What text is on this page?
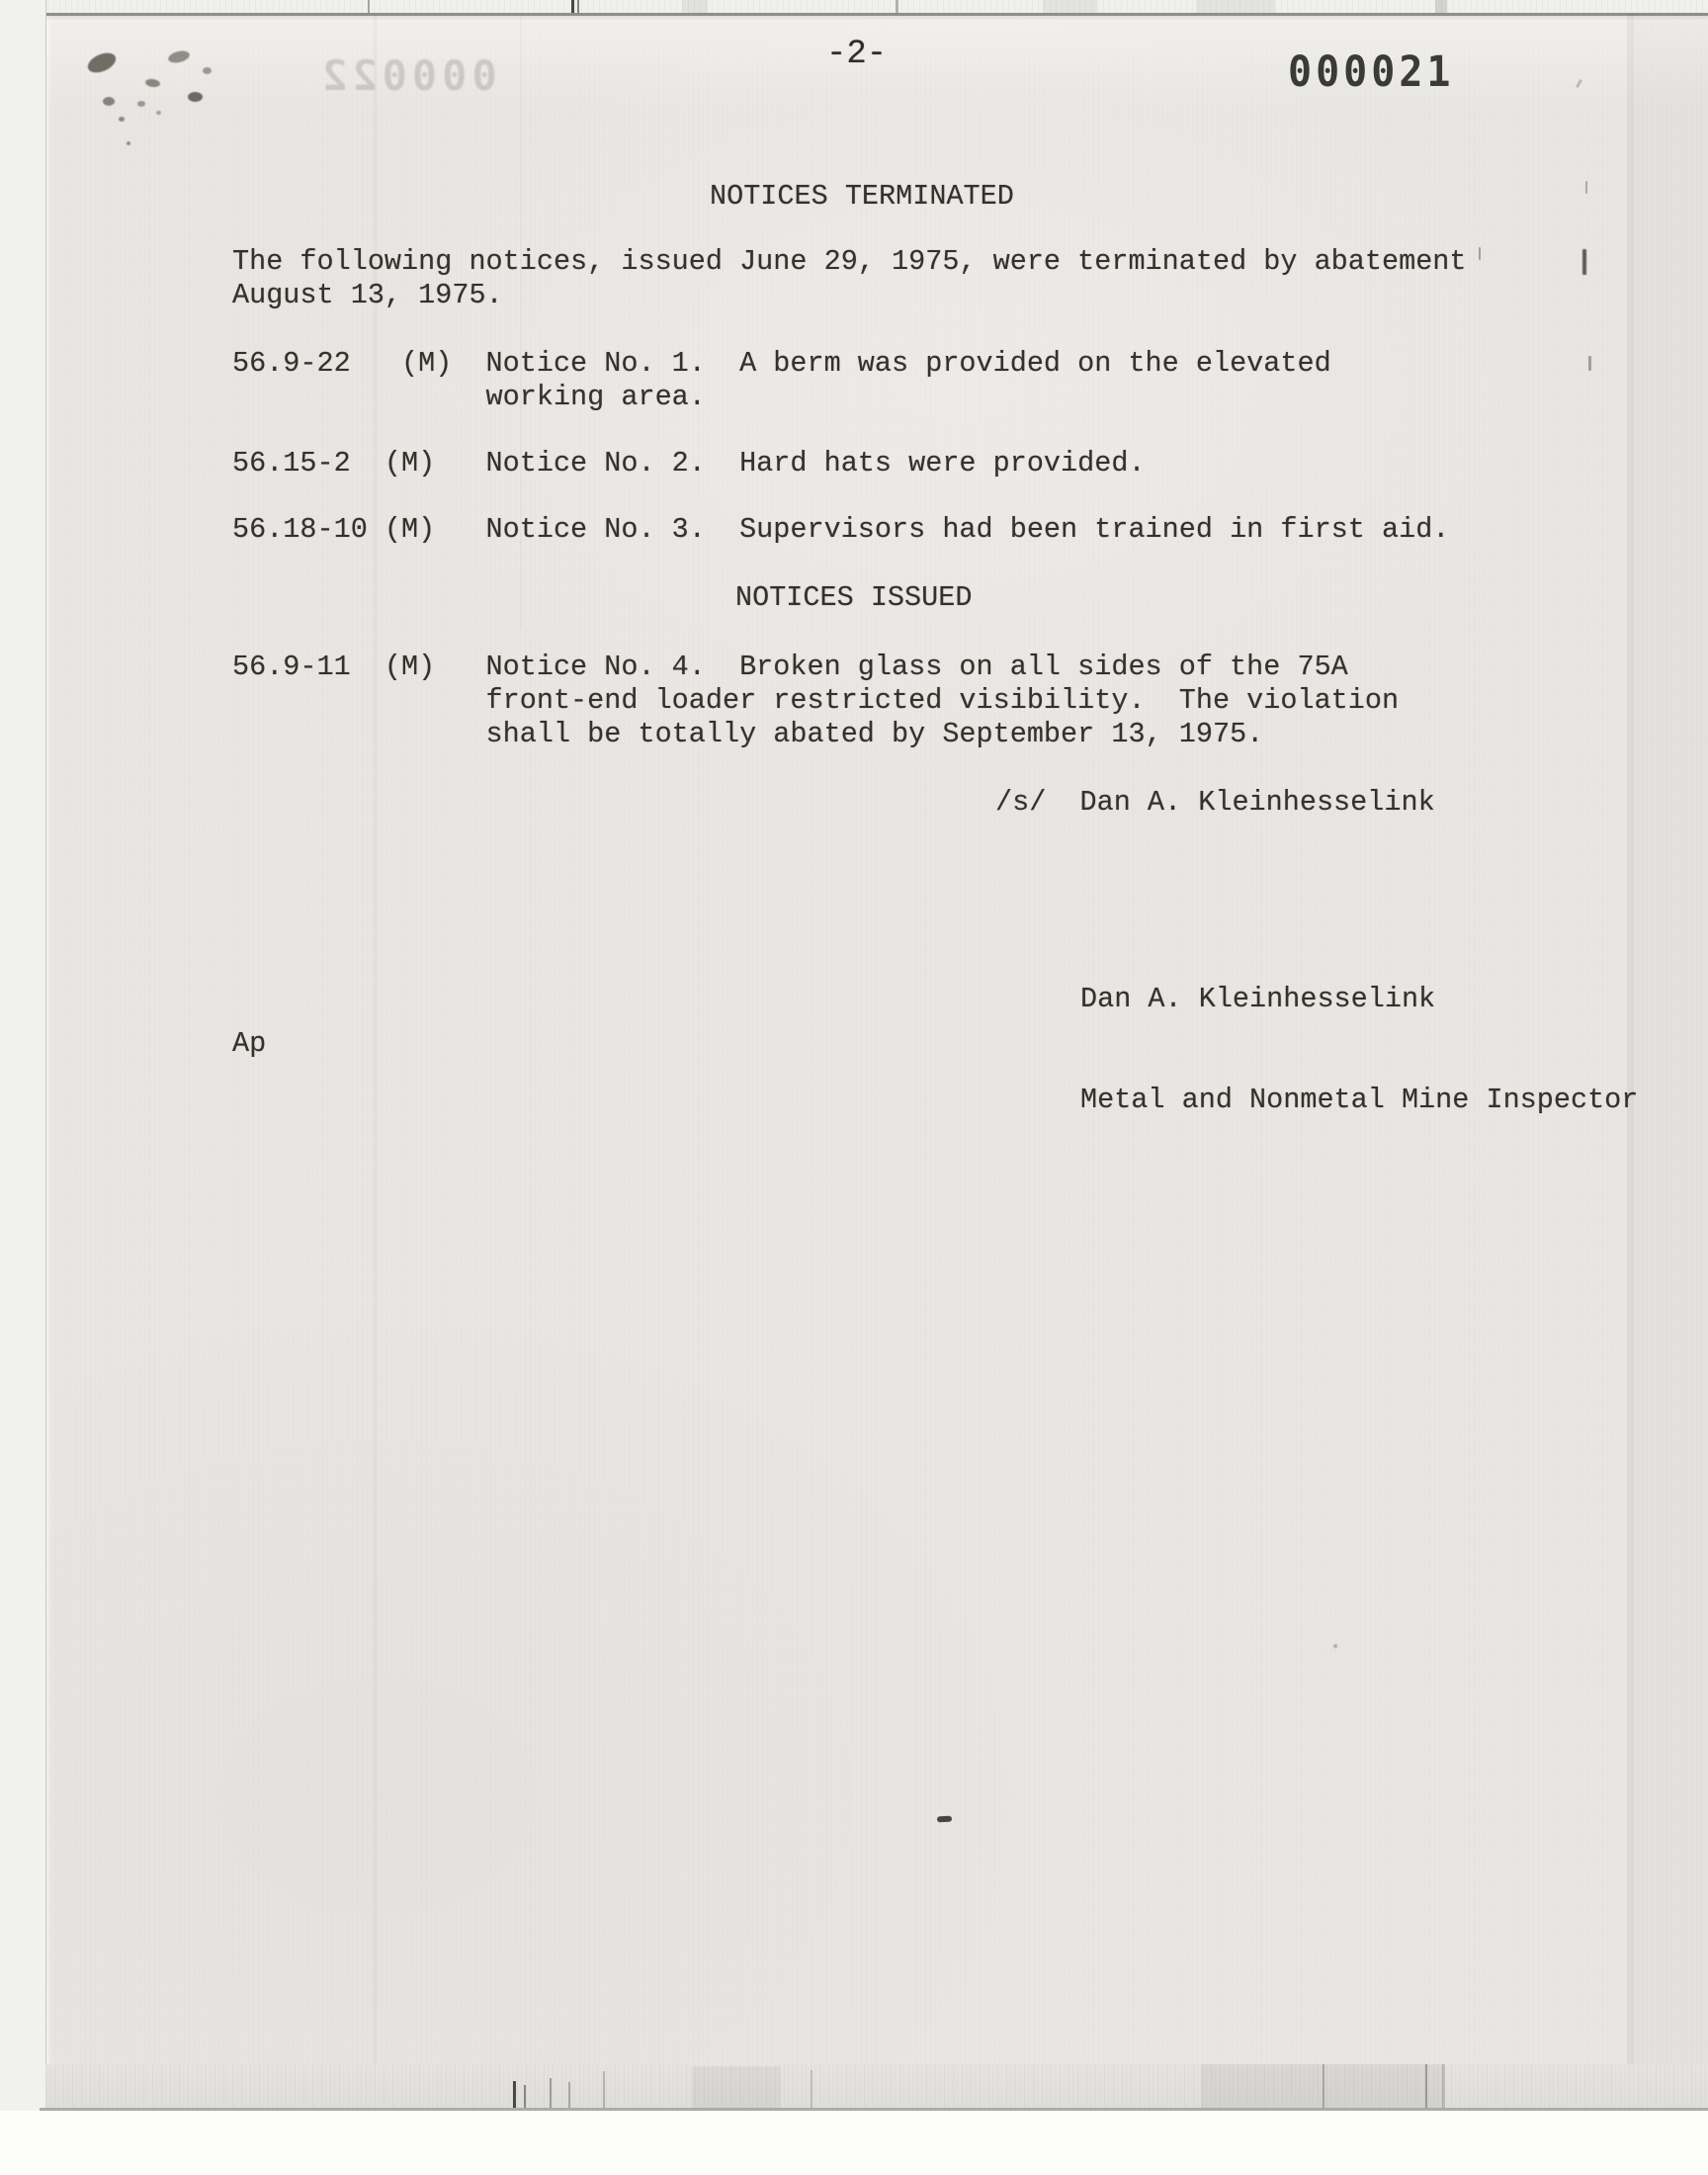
-2-	000021
000022
NOTICES TERMINATED
The following notices, issued June 29, 1975, were terminated by abatement
August 13, 1975.
56.9-22   (M)  Notice No. 1.  A berm was provided on the elevated
working area.
56.15-2  (M)   Notice No. 2.  Hard hats were provided.
56.18-10 (M)   Notice No. 3.  Supervisors had been trained in first aid.
NOTICES ISSUED
56.9-11  (M)   Notice No. 4.  Broken glass on all sides of the 75A
front-end loader restricted visibility.  The violation
shall be totally abated by September 13, 1975.
/s/  Dan A. Kleinhesselink

Dan A. Kleinhesselink

Metal and Nonmetal Mine Inspector

Ap
